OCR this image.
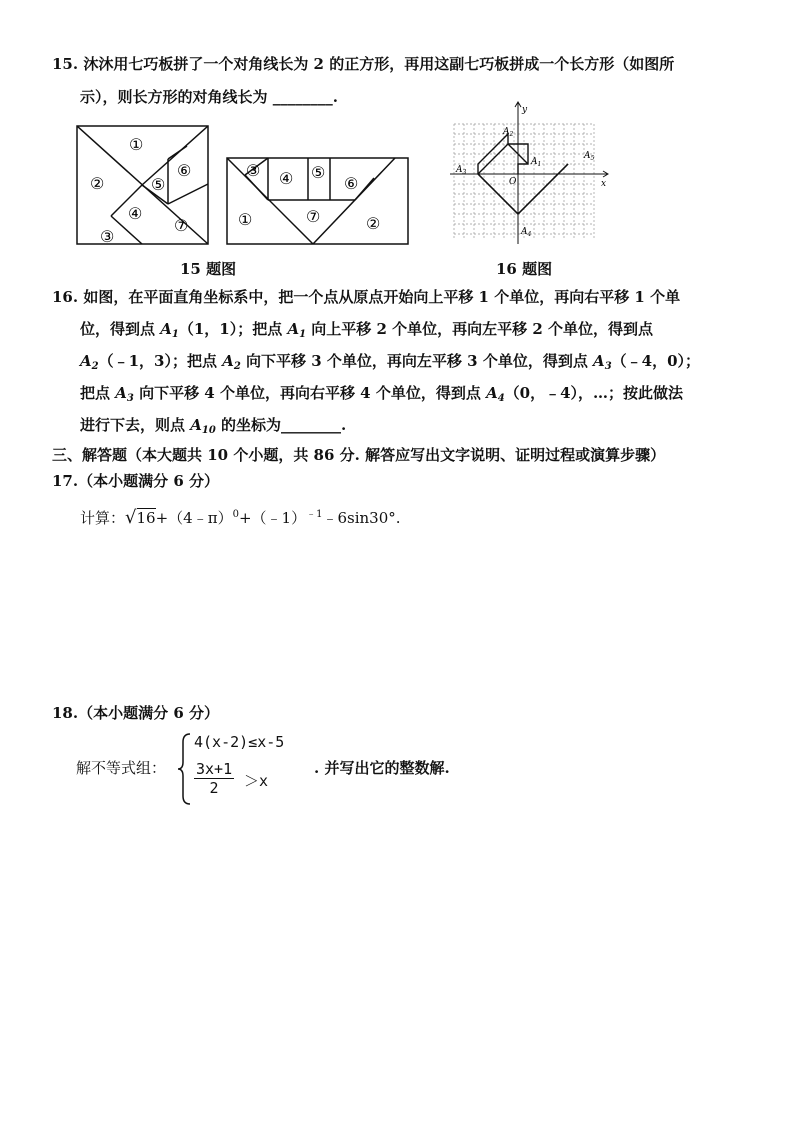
15. 沐沐用七巧板拼了一个对角线长为 2 的正方形，再用这副七巧板拼成一个长方形（如图所
示），则长方形的对角线长为 ________.
①
②	⑤
⑥
④
③
⑦
③ ④ ⑤
⑥
①	⑦	②
15 题图
y
x
O
$A_1$
$A_2$
$A_3$
$A_4$
$A_5$
16 题图
16. 如图，在平面直角坐标系中，把一个点从原点开始向上平移 1 个单位，再向右平移 1 个单
位，得到点 $A_1(1$，1）；把点 $A_1$ 向上平移 2 个单位，再向左平移 2 个单位，得到点
$A_2(﹣1$，3）；把点 $A_2$ 向下平移 3 个单位，再向左平移 3 个单位，得到点 $A_3(﹣4$，0）；
把点 $A_3$ 向下平移 4 个单位，再向右平移 4 个单位，得到点 $A_4(0$，﹣4），…；按此做法
进行下去，则点 $A_{10}$ 的坐标为________.
三、解答题（本大题共 10 个小题，共 86 分. 解答应写出文字说明、证明过程或演算步骤）
17.（本小题满分 6 分）
计算：√16+（4﹣π）$^0$+（﹣1）$^{﹣1}$﹣6sin30°.
18.（本小题满分 6 分）
解不等式组：
4(x-2)≤x-5
$\frac{3x+1}{2} >x$
. 并写出它的整数解.
